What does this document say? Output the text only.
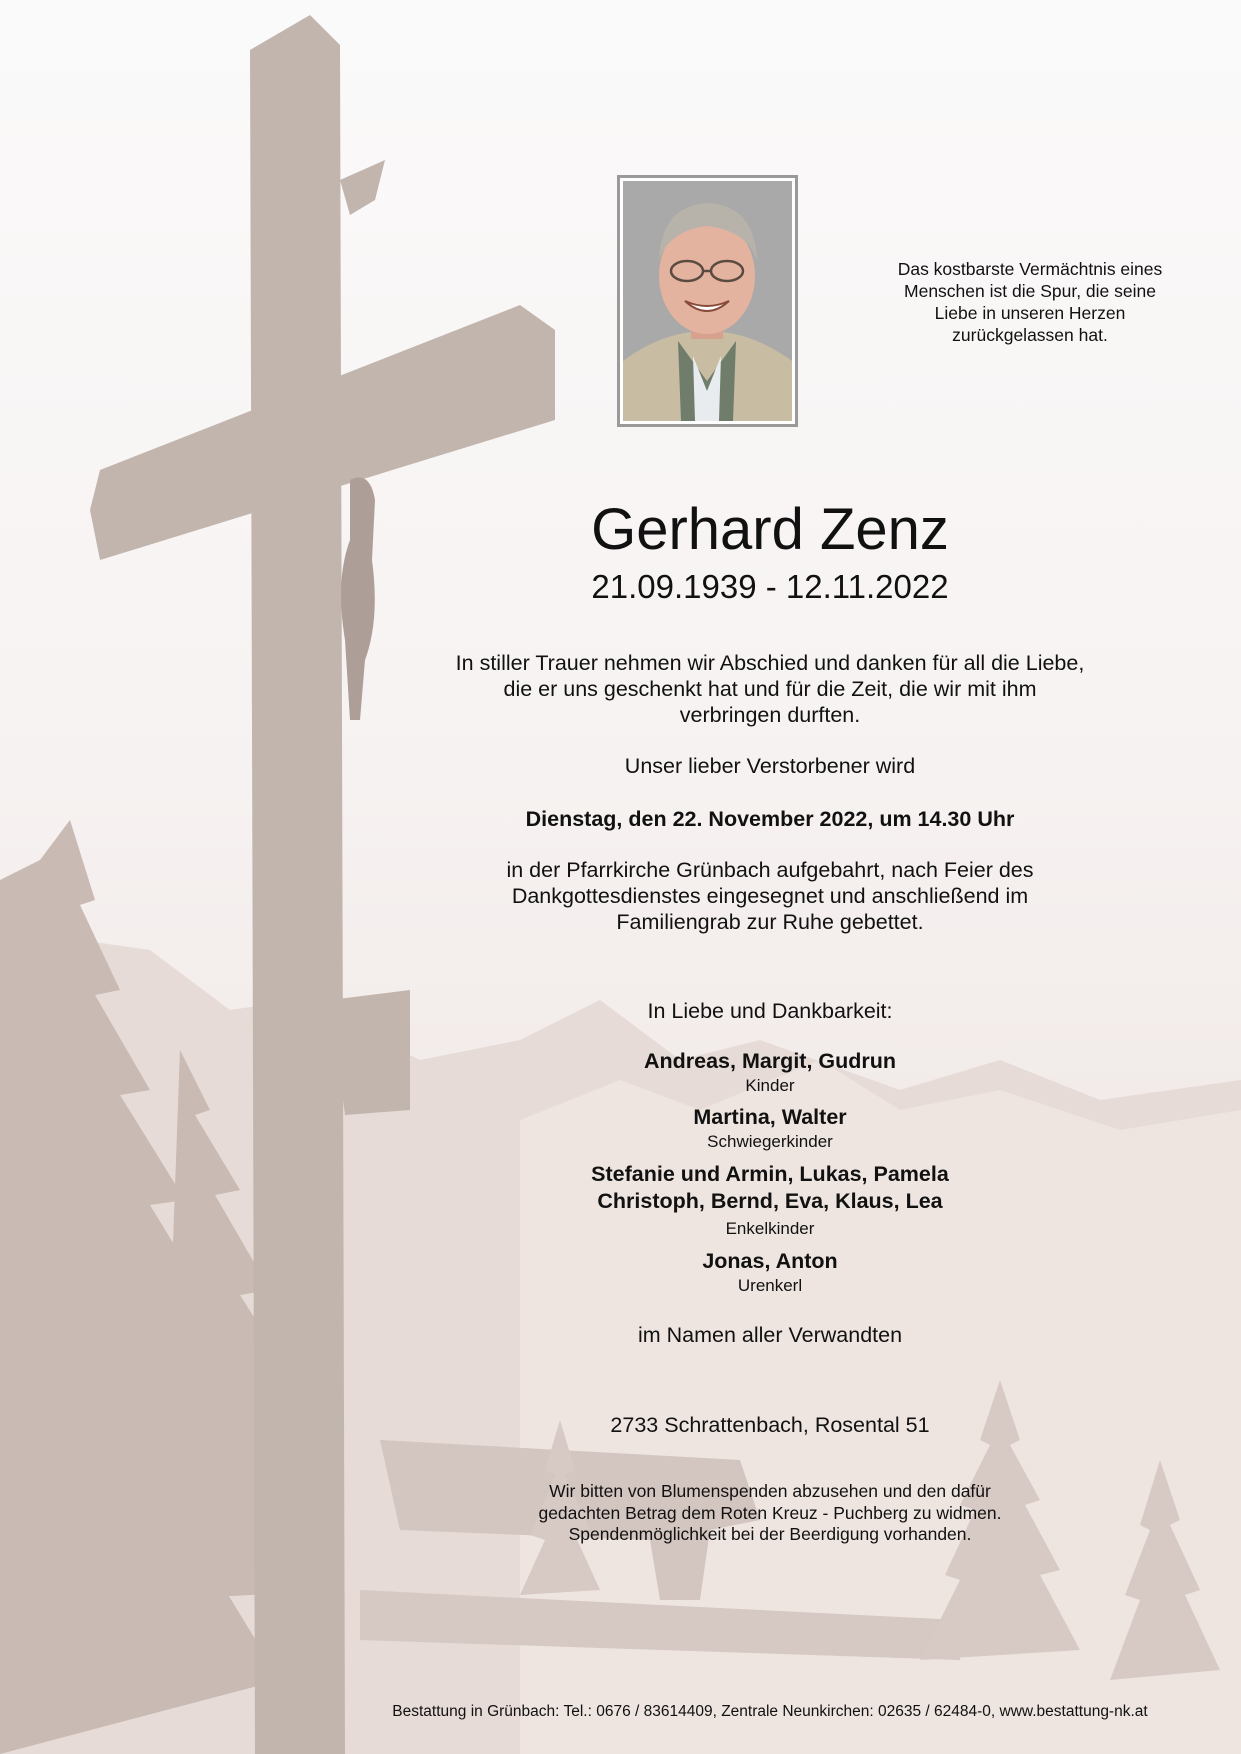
Das kostbarste Vermächtnis eines
Menschen ist die Spur, die seine
Liebe in unseren Herzen
zurückgelassen hat.
Gerhard Zenz
21.09.1939 - 12.11.2022
In stiller Trauer nehmen wir Abschied und danken für all die Liebe,
die er uns geschenkt hat und für die Zeit, die wir mit ihm
verbringen durften.
Unser lieber Verstorbener wird
Dienstag, den 22. November 2022, um 14.30 Uhr
in der Pfarrkirche Grünbach aufgebahrt, nach Feier des
Dankgottesdienstes eingesegnet und anschließend im
Familiengrab zur Ruhe gebettet.
In Liebe und Dankbarkeit:
Andreas, Margit, Gudrun
Kinder
Martina, Walter
Schwiegerkinder
Stefanie und Armin, Lukas, Pamela
Christoph, Bernd, Eva, Klaus, Lea
Enkelkinder
Jonas, Anton
Urenkerl
im Namen aller Verwandten
2733 Schrattenbach, Rosental 51
Wir bitten von Blumenspenden abzusehen und den dafür
gedachten Betrag dem Roten Kreuz - Puchberg zu widmen.
Spendenmöglichkeit bei der Beerdigung vorhanden.
Bestattung in Grünbach: Tel.: 0676 / 83614409, Zentrale Neunkirchen: 02635 / 62484-0, www.bestattung-nk.at
